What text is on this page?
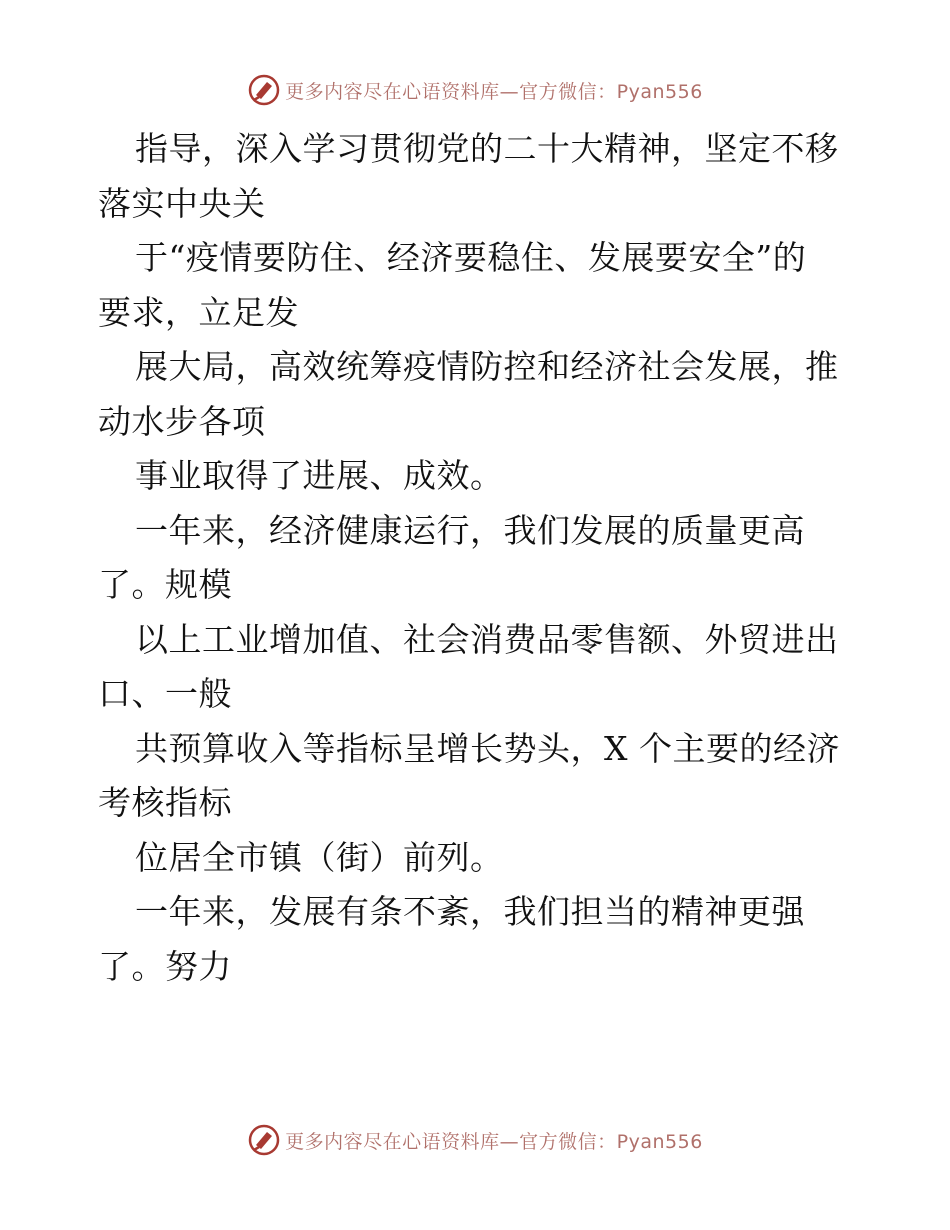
更多内容尽在心语资料库—官方微信：Pyan556
指导，深入学习贯彻党的二十大精神，坚定不移
落实中央关
于“疫情要防住、经济要稳住、发展要安全”的
要求，立足发
展大局，高效统筹疫情防控和经济社会发展，推
动水步各项
事业取得了进展、成效。
一年来，经济健康运行，我们发展的质量更高
了。规模
以上工业增加值、社会消费品零售额、外贸进出
口、一般
共预算收入等指标呈增长势头，X 个主要的经济
考核指标
位居全市镇（街）前列。
一年来，发展有条不紊，我们担当的精神更强
了。努力
更多内容尽在心语资料库—官方微信：Pyan556
